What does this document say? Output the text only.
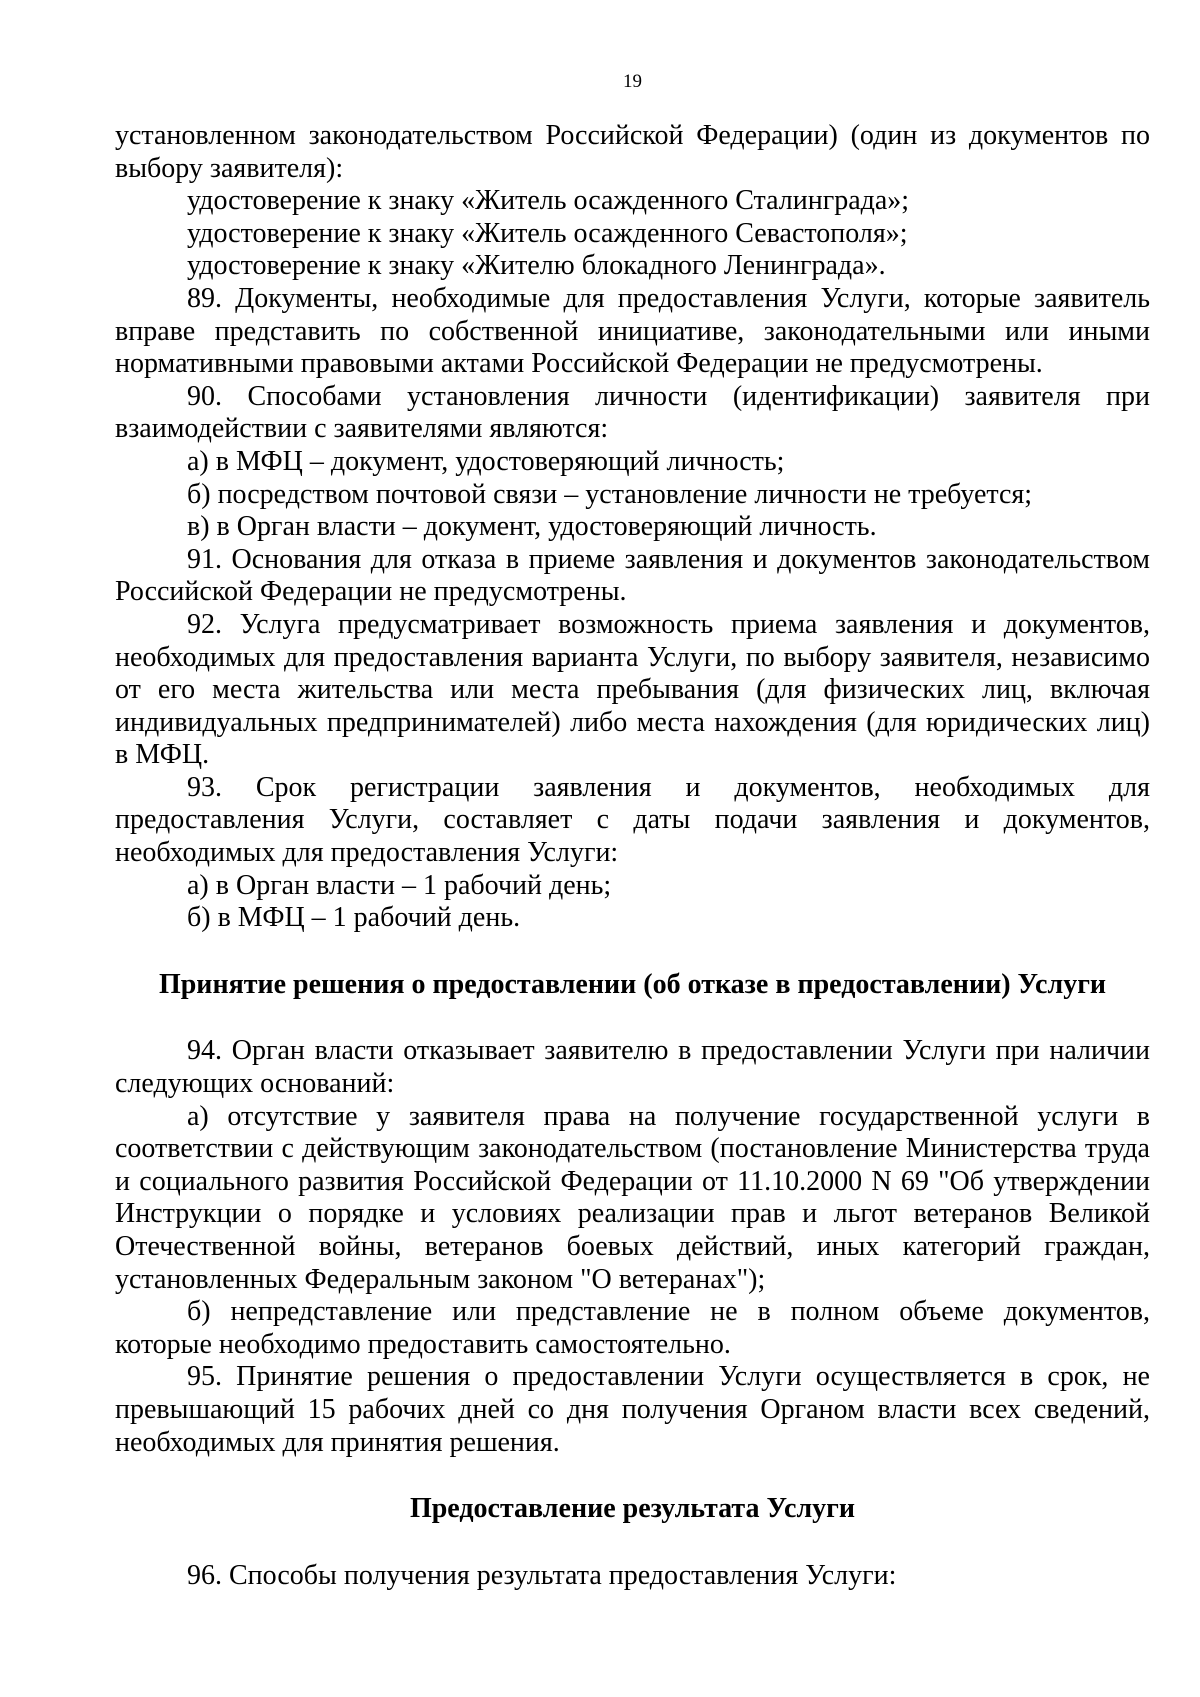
19

установленном законодательством Российской Федерации) (один из документов по выбору заявителя):

удостоверение к знаку «Житель осажденного Сталинграда»;

удостоверение к знаку «Житель осажденного Севастополя»;

удостоверение к знаку «Жителю блокадного Ленинграда».

89. Документы, необходимые для предоставления Услуги, которые заявитель вправе представить по собственной инициативе, законодательными или иными нормативными правовыми актами Российской Федерации не предусмотрены.

90. Способами установления личности (идентификации) заявителя при взаимодействии с заявителями являются:

а) в МФЦ – документ, удостоверяющий личность;

б) посредством почтовой связи – установление личности не требуется;

в) в Орган власти – документ, удостоверяющий личность.

91. Основания для отказа в приеме заявления и документов законодательством Российской Федерации не предусмотрены.

92. Услуга предусматривает возможность приема заявления и документов, необходимых для предоставления варианта Услуги, по выбору заявителя, независимо от его места жительства или места пребывания (для физических лиц, включая индивидуальных предпринимателей) либо места нахождения (для юридических лиц) в МФЦ.

93. Срок регистрации заявления и документов, необходимых для предоставления Услуги, составляет с даты подачи заявления и документов, необходимых для предоставления Услуги:

а) в Орган власти – 1 рабочий день;

б) в МФЦ – 1 рабочий день.

Принятие решения о предоставлении (об отказе в предоставлении) Услуги

94. Орган власти отказывает заявителю в предоставлении Услуги при наличии следующих оснований:

а) отсутствие у заявителя права на получение государственной услуги в соответствии с действующим законодательством (постановление Министерства труда и социального развития Российской Федерации от 11.10.2000 N 69 "Об утверждении Инструкции о порядке и условиях реализации прав и льгот ветеранов Великой Отечественной войны, ветеранов боевых действий, иных категорий граждан, установленных Федеральным законом "О ветеранах");

б) непредставление или представление не в полном объеме документов, которые необходимо предоставить самостоятельно.

95. Принятие решения о предоставлении Услуги осуществляется в срок, не превышающий 15 рабочих дней со дня получения Органом власти всех сведений, необходимых для принятия решения.

Предоставление результата Услуги

96. Способы получения результата предоставления Услуги:
